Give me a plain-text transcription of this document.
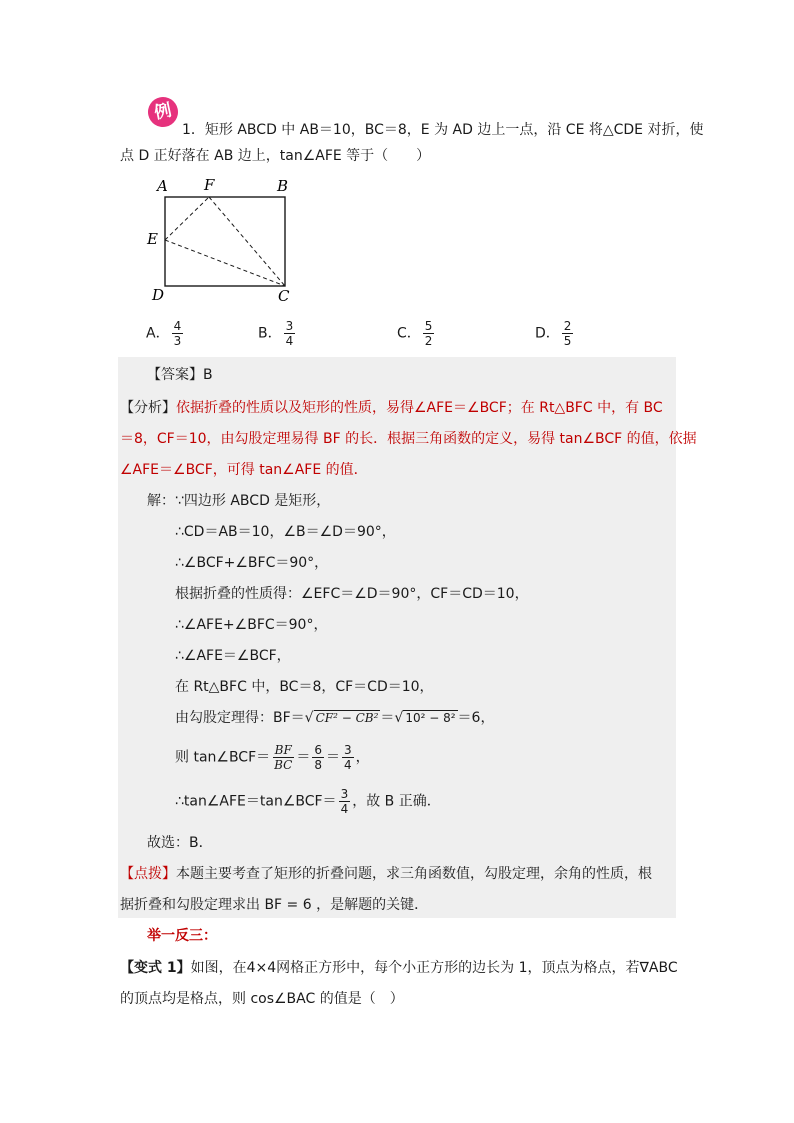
例
1．矩形 ABCD 中 AB＝10，BC＝8，E 为 AD 边上一点，沿 CE 将△CDE 对折，使
点 D 正好落在 AB 边上，tan∠AFE 等于（　　）
A F	B
E
D	C
A． $\frac{4}{3}$	B． $\frac{3}{4}$	C． $\frac{5}{2}$	D． $\frac{2}{5}$
【答案】B
【分析】依据折叠的性质以及矩形的性质，易得∠AFE＝∠BCF；在 Rt△BFC 中，有 BC
＝8，CF＝10，由勾股定理易得 BF 的长．根据三角函数的定义，易得 tan∠BCF 的值，依据
∠AFE＝∠BCF，可得 tan∠AFE 的值．
解：∵四边形 ABCD 是矩形，
∴CD＝AB＝10，∠B＝∠D＝90°，
∴∠BCF+∠BFC＝90°，
根据折叠的性质得：∠EFC＝∠D＝90°，CF＝CD＝10，
∴∠AFE+∠BFC＝90°，
∴∠AFE＝∠BCF，
在 Rt△BFC 中，BC＝8，CF＝CD＝10，
由勾股定理得：BF＝√ CF² − CB² ＝√ 10² − 8² ＝6，
则 tan∠BCF＝ $\frac{BF}{BC} = \frac{6}{8} = \frac{3}{4}$ ，
∴tan∠AFE＝tan∠BCF＝ $\frac{3}{4}$ ，故 B 正确．
故选：B．
【点拨】本题主要考查了矩形的折叠问题，求三角函数值，勾股定理，余角的性质，根
据折叠和勾股定理求出 BF = 6 ，是解题的关键．
举一反三：
【变式 1】如图，在4×4网格正方形中，每个小正方形的边长为 1，顶点为格点，若∇ABC
的顶点均是格点，则 cos∠BAC 的值是（　）
